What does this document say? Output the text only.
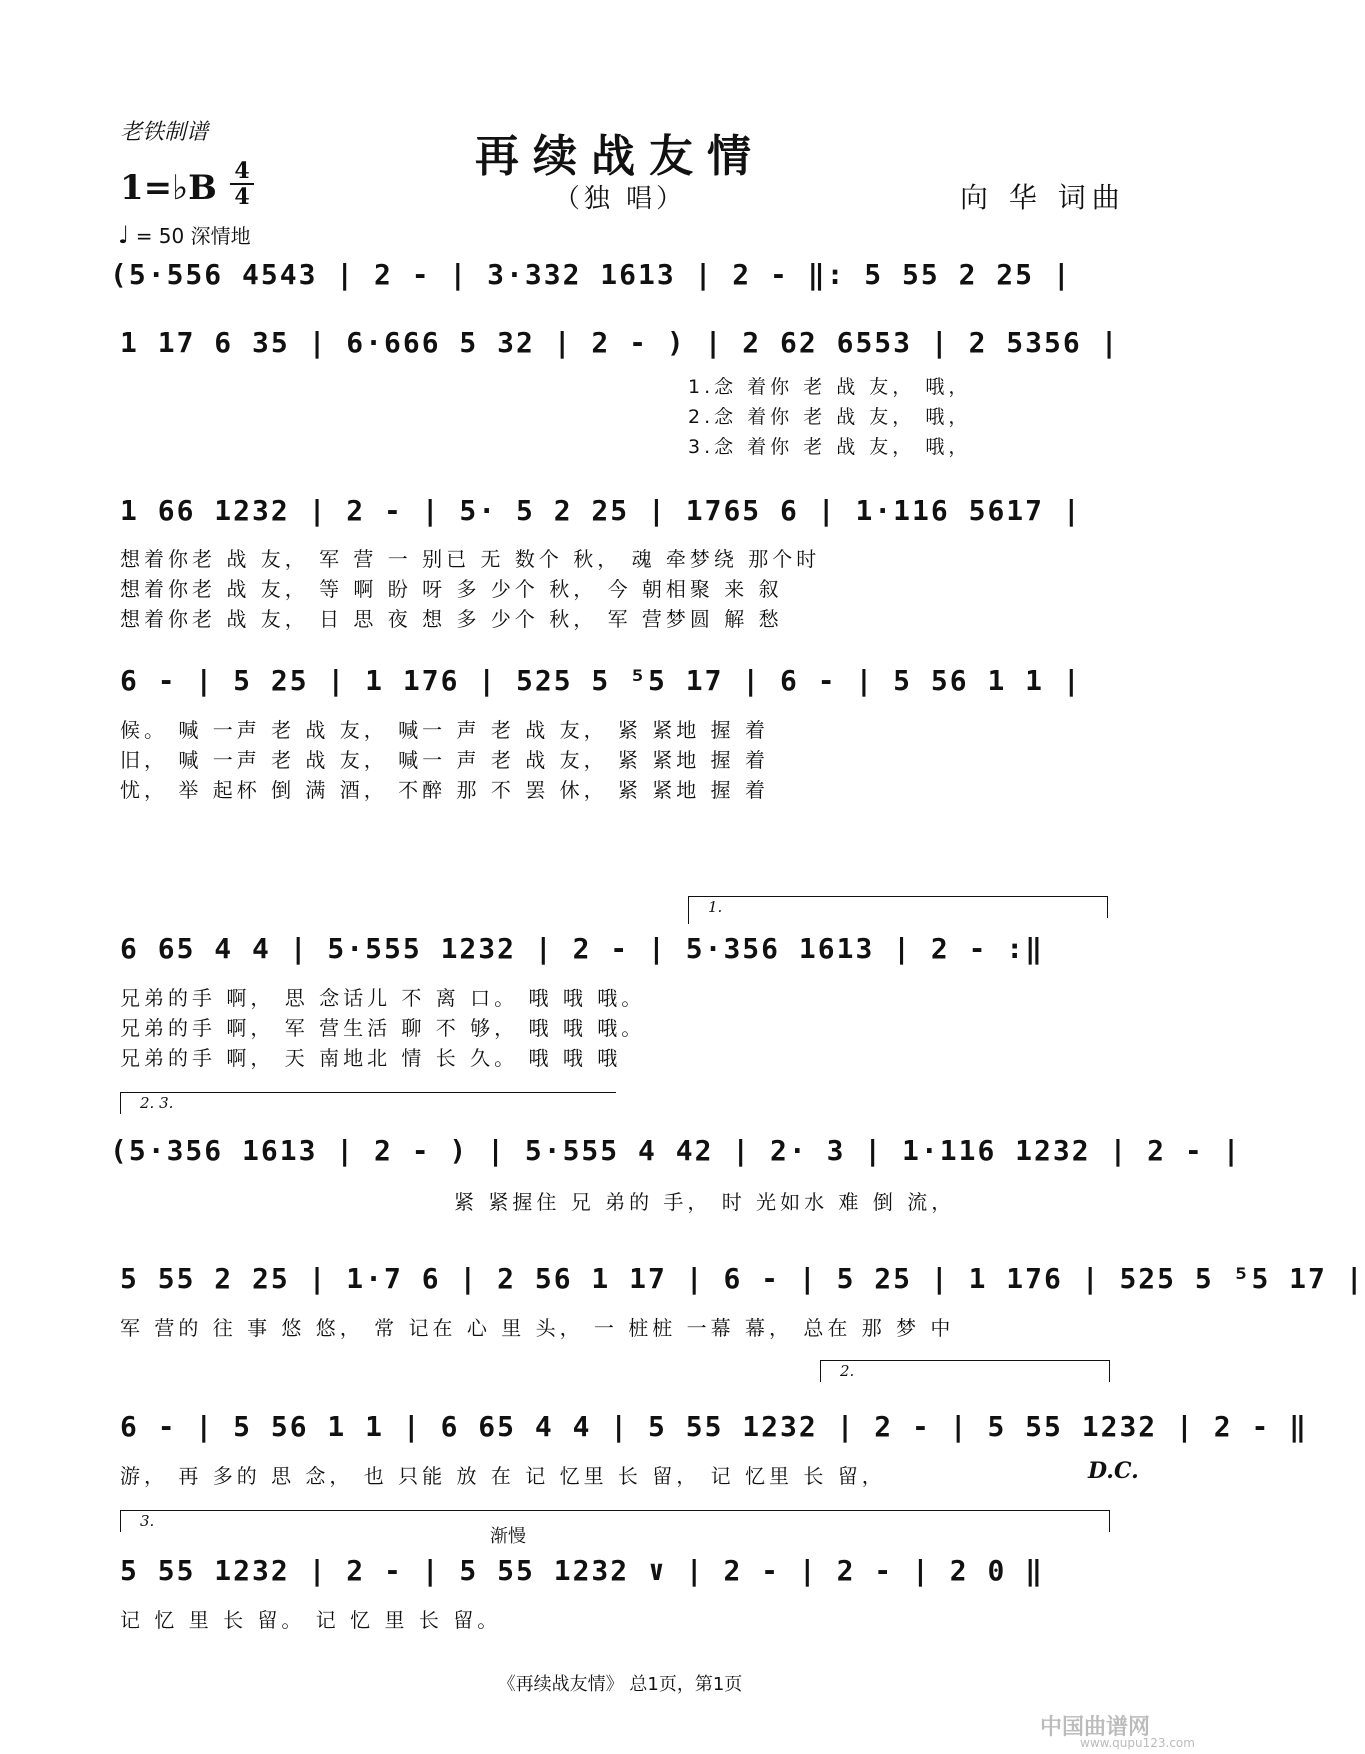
老铁制谱	再续战友情
（独 唱）	向 华 词曲
1=♭B 4
4
♩ = 50 深情地
(5·556 4543 | 2 - | 3·332 1613 | 2 - ‖: 5 55 2 25 |
1 17 6 35 | 6·666 5 32 | 2 - ) | 2 62 6553 | 2 5356 |
1.念 着你 老 战 友， 哦，
2.念 着你 老 战 友， 哦，
3.念 着你 老 战 友， 哦，
1 66 1232 | 2 - | 5· 5 2 25 | 1765 6 | 1·116 5617 |
想着你老 战 友， 军 营 一 别已 无 数个 秋， 魂 牵梦绕 那个时
想着你老 战 友， 等 啊 盼 呀 多 少个 秋， 今 朝相聚 来 叙
想着你老 战 友， 日 思 夜 想 多 少个 秋， 军 营梦圆 解 愁
6 - | 5 25 | 1 176 | 525 5 ⁵5 17 | 6 - | 5 56 1 1 |
候。 喊 一声 老 战 友， 喊一 声 老 战 友， 紧 紧地 握 着
旧， 喊 一声 老 战 友， 喊一 声 老 战 友， 紧 紧地 握 着
忧， 举 起杯 倒 满 酒， 不醉 那 不 罢 休， 紧 紧地 握 着
1.
6 65 4 4 | 5·555 1232 | 2 - | 5·356 1613 | 2 - :‖
兄弟的手 啊， 思 念话儿 不 离 口。 哦 哦 哦。
兄弟的手 啊， 军 营生活 聊 不 够， 哦 哦 哦。
兄弟的手 啊， 天 南地北 情 长 久。 哦 哦 哦
2. 3.
(5·356 1613 | 2 - ) | 5·555 4 42 | 2· 3 | 1·116 1232 | 2 - |
紧 紧握住 兄 弟的 手， 时 光如水 难 倒 流，
5 55 2 25 | 1·7 6 | 2 56 1 17 | 6 - | 5 25 | 1 176 | 525 5 ⁵5 17 |
军 营的 往 事 悠 悠， 常 记在 心 里 头， 一 桩桩 一幕 幕， 总在 那 梦 中
2.
6 - | 5 56 1 1 | 6 65 4 4 | 5 55 1232 | 2 - | 5 55 1232 | 2 - ‖
游， 再 多的 思 念， 也 只能 放 在 记 忆里 长 留， 记 忆里 长 留，	D.C.
3.
渐慢
5 55 1232 | 2 - | 5 55 1232 ∨ | 2 - | 2 - | 2 0 ‖
记 忆 里 长 留。 记 忆 里 长 留。
《再续战友情》 总1页，第1页
中国曲谱网
www.qupu123.com
